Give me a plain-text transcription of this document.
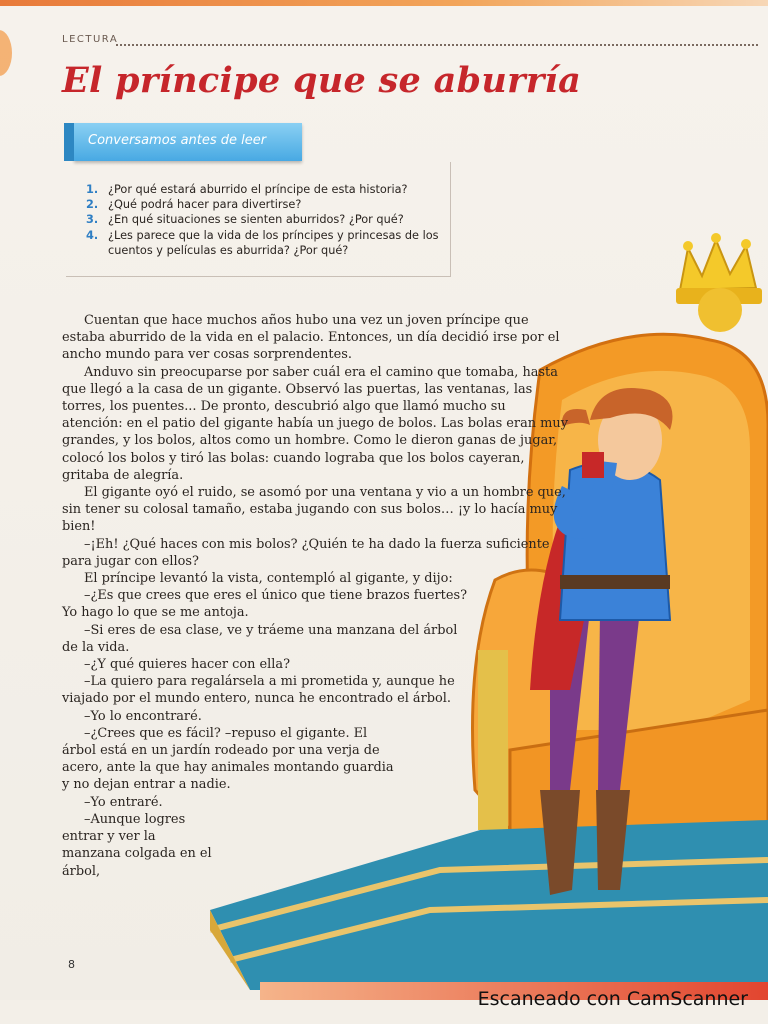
LECTURA
El príncipe que se aburría
Conversamos antes de leer
1. ¿Por qué estará aburrido el príncipe de esta historia?
2. ¿Qué podrá hacer para divertirse?
3. ¿En qué situaciones se sienten aburridos? ¿Por qué?
4. ¿Les parece que la vida de los príncipes y princesas de los cuentos y películas es aburrida? ¿Por qué?

Cuentan que hace muchos años hubo una vez un joven príncipe que estaba aburrido de la vida en el palacio. Entonces, un día decidió irse por el ancho mundo para ver cosas sorprendentes.

Anduvo sin preocuparse por saber cuál era el camino que tomaba, hasta que llegó a la casa de un gigante. Observó las puertas, las ventanas, las torres, los puentes... De pronto, descubrió algo que llamó mucho su atención: en el patio del gigante había un juego de bolos. Las bolas eran muy grandes, y los bolos, altos como un hombre. Como le dieron ganas de jugar, colocó los bolos y tiró las bolas: cuando lograba que los bolos cayeran, gritaba de alegría.

El gigante oyó el ruido, se asomó por una ventana y vio a un hombre que, sin tener su colosal tamaño, estaba jugando con sus bolos… ¡y lo hacía muy bien!

–¡Eh! ¿Qué haces con mis bolos? ¿Quién te ha dado la fuerza suficiente para jugar con ellos?

El príncipe levantó la vista, contempló al gigante, y dijo:

–¿Es que crees que eres el único que tiene brazos fuertes?

Yo hago lo que se me antoja.

–Si eres de esa clase, ve y tráeme una manzana del árbol de la vida.

–¿Y qué quieres hacer con ella?

–La quiero para regalársela a mi prometida y, aunque he viajado por el mundo entero, nunca he encontrado el árbol.

–Yo lo encontraré.

–¿Crees que es fácil? –repuso el gigante. El árbol está en un jardín rodeado por una verja de acero, ante la que hay animales montando guardia y no dejan entrar a nadie.

–Yo entraré.

–Aunque logres entrar y ver la manzana colgada en el árbol,

8
Escaneado con CamScanner
